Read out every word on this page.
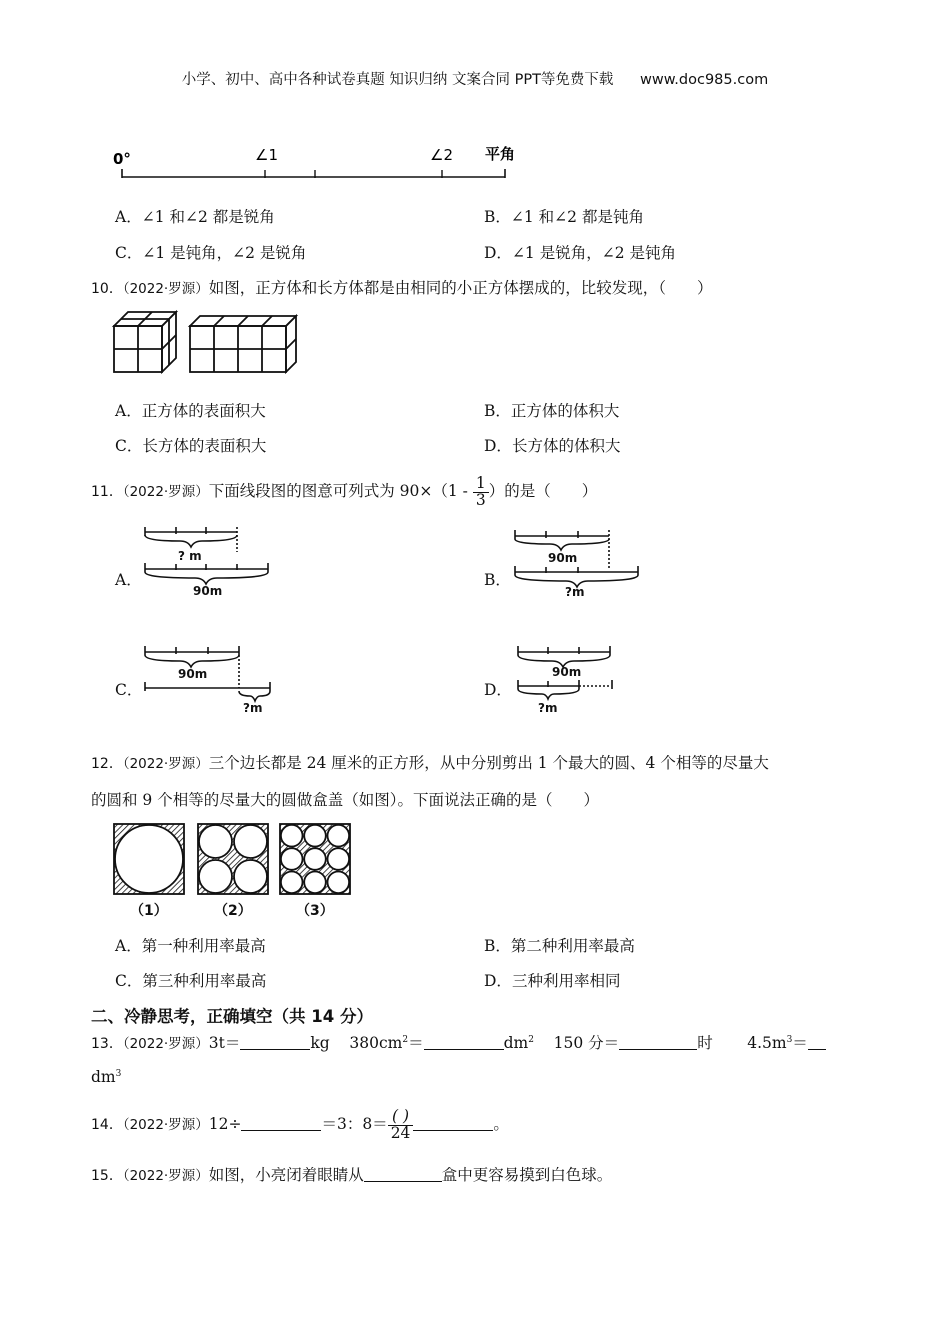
小学、初中、高中各种试卷真题 知识归纳 文案合同 PPT等免费下载 www.doc985.com
0°	∠1	∠2 平角
A．∠1 和∠2 都是锐角	B．∠1 和∠2 都是钝角
C．∠1 是钝角，∠2 是锐角	D．∠1 是锐角，∠2 是钝角
10．（2022·罗源）如图，正方体和长方体都是由相同的小正方体摆成的，比较发现，（　　）
A．正方体的表面积大	B．正方体的体积大
C．长方体的表面积大	D．长方体的体积大
11．（2022·罗源）下面线段图的图意可列式为 $90\times(1 - \frac{1}{3}$ ）的是（　　）
A．
? m
90m
B．
90m
?m
C．
90m
?m
D．
90m
?m
12．（2022·罗源）三个边长都是 24 厘米的正方形，从中分别剪出 1 个最大的圆、4 个相等的尽量大
的圆和 9 个相等的尽量大的圆做盒盖（如图）。下面说法正确的是（　　）
（1）	（2）	（3）
A．第一种利用率最高	B．第二种利用率最高
C．第三种利用率最高	D．三种利用率相同
二、冷静思考，正确填空（共 14 分）
13．（2022·罗源）3t＝	kg $380cm^2=$	$dm^2$ 150 分＝	时 $4.5m^3=$
$dm^3$
14．（2022·罗源）12÷	＝3：$8= \frac{( )}{24}$	。
15．（2022·罗源）如图，小亮闭着眼睛从	盒中更容易摸到白色球。
